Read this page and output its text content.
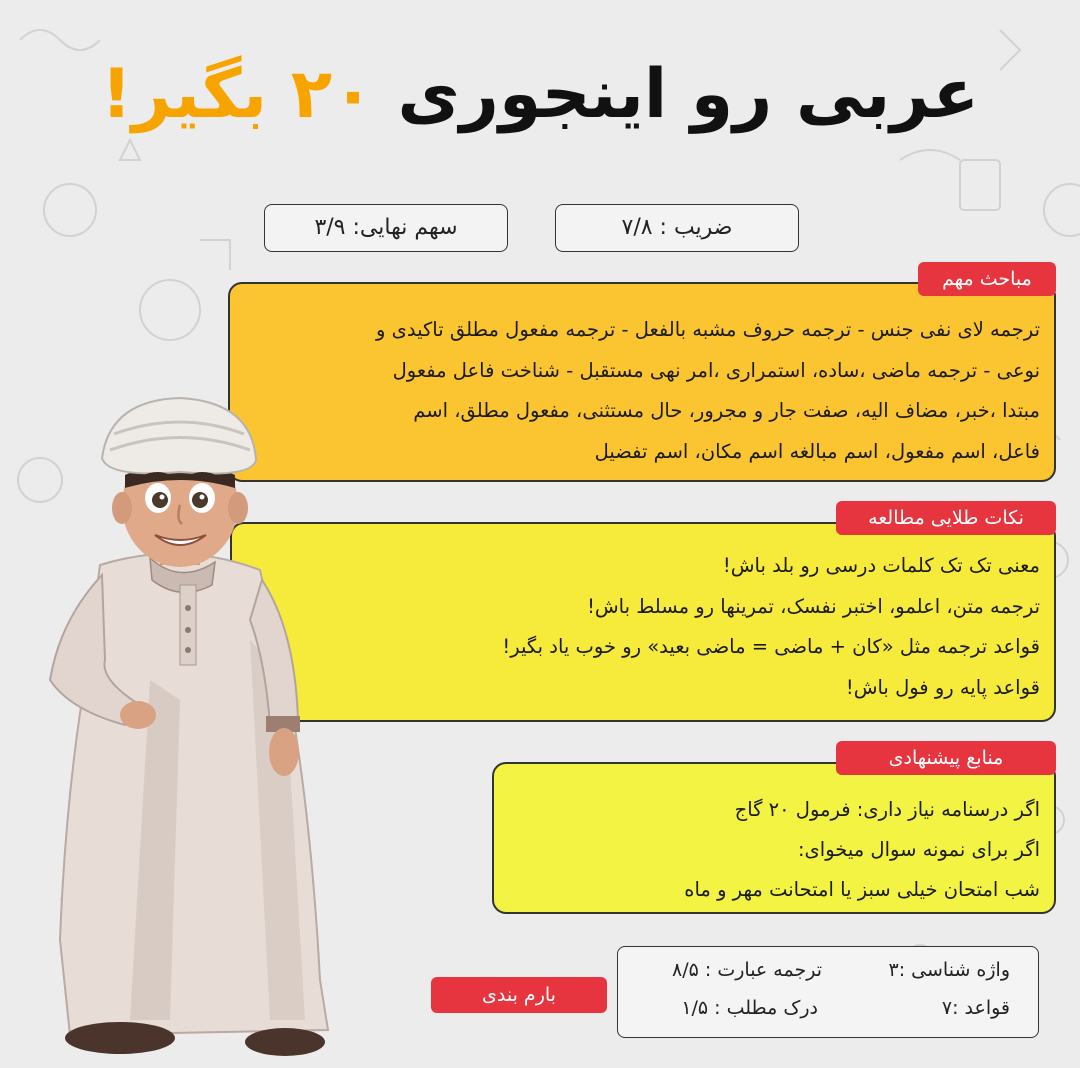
عربی رو اینجوری ۲۰ بگیر!
ضریب : ۷/۸
سهم نهایی: ۳/۹
ترجمه لای نفی جنس - ترجمه حروف مشبه بالفعل - ترجمه مفعول مطلق تاکیدی و
نوعی - ترجمه ماضی ،ساده، استمراری ،امر نهی مستقبل - شناخت فاعل مفعول
مبتدا ،خبر، مضاف الیه، صفت جار و مجرور، حال مستثنی، مفعول مطلق، اسم
فاعل، اسم مفعول، اسم مبالغه اسم مکان، اسم تفضیل
مباحث مهم
معنی تک تک کلمات درسی رو بلد باش!
ترجمه متن، اعلمو، اختبر نفسک، تمرینها رو مسلط باش!
قواعد ترجمه مثل «کان + ماضی = ماضی بعید» رو خوب یاد بگیر!
قواعد پایه رو فول باش!
نکات طلایی مطالعه
اگر درسنامه نیاز داری: فرمول ۲۰ گاج
اگر برای نمونه سوال میخوای:
شب امتحان خیلی سبز یا امتحانت مهر و ماه
منابع پیشنهادی
بارم بندی
واژه شناسی :۳
ترجمه عبارت : ۸/۵
قواعد :۷
درک مطلب : ۱/۵
